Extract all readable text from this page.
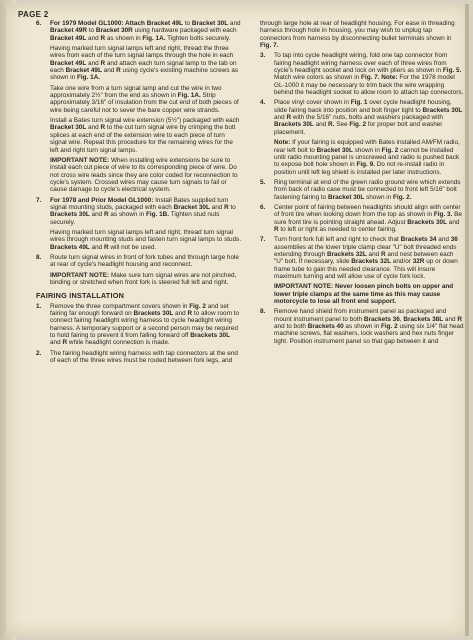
PAGE 2
6. For 1979 Model GL1000: Attach Bracket 49L to Bracket 30L and Bracket 49R to Bracket 30R using hardware packaged with each Bracket 49L and R as shown in Fig. 1A. Tighten bolts securely.

Having marked turn signal lamps left and right, thread the three wires from each of the turn signal lamps through the hole in each Bracket 49L and R and attach each turn signal lamp to the tab on each Bracket 49L and R using cycle's existing machine screws as shown in Fig. 1A.

Take one wire from a turn signal lamp and cut the wire in two approximately 2½" from the end as shown in Fig. 1A. Strip approximately 3/16" of insulation from the cut end of both pieces of wire being careful not to sever the bare copper wire strands.

Install a Bates turn signal wire extension (5½") packaged with each Bracket 30L and R to the cut turn signal wire by crimping the butt splices at each end of the extension wire to each piece of turn signal wire. Repeat this procedure for the remaining wires for the left and right turn signal lamps.

IMPORTANT NOTE: When installing wire extensions be sure to install each cut piece of wire to its corresponding piece of wire. Do not cross wire leads since they are color coded for reconnection to cycle's system. Crossed wires may cause turn signals to fail or cause damage to cycle's electrical system.

7. For 1978 and Prior Model GL1000: Install Bates supplied turn signal mounting studs, packaged with each Bracket 30L and R to Brackets 30L and R as shown in Fig. 1B. Tighten stud nuts securely.

Having marked turn signal lamps left and right, thread turn signal wires through mounting studs and fasten turn signal lamps to studs. Brackets 49L and R will not be used.

8. Route turn signal wires in front of fork tubes and through large hole at rear of cycle's headlight housing and reconnect.

IMPORTANT NOTE: Make sure turn signal wires are not pinched, binding or stretched when front fork is steered full left and right.

FAIRING INSTALLATION
1. Remove the three compartment covers shown in Fig. 2 and set fairing far enough forward on Brackets 30L and R to allow room to connect fairing headlight wiring harness to cycle headlight wiring harness. A temporary support or a second person may be required to hold fairing to prevent it from falling forward off Brackets 30L and R while headlight connection is made.

2. The fairing headlight wiring harness with tap connectors at the end of each of the three wires must be routed between fork legs, and

through large hole at rear of headlight housing. For ease in threading harness through hole in housing, you may wish to unplug tap connectors from harness by disconnecting bullet terminals shown in Fig. 7.

3. To tap into cycle headlight wiring, fold one tap connector from fairing headlight wiring harness over each of three wires from cycle's headlight socket and lock on with pliers as shown in Fig. 5. Match wire colors as shown in Fig. 7. Note: For the 1978 model GL-1000 it may be necessary to trim back the wire wrapping behind the headlight socket to allow room to attach tap connectors.

4. Place vinyl cover shown in Fig. 1 over cycle headlight housing, slide fairing back into position and bolt finger tight to Brackets 30L and R with the 5/16" nuts, bolts and washers packaged with Brackets 30L and R. See Fig. 2 for proper bolt and washer placement.

Note: If your fairing is equipped with Bates installed AM/FM radio, rear left bolt to Bracket 30L shown in Fig. 2 cannot be installed until radio mounting panel is unscrewed and radio is pushed back to expose bolt hole shown in Fig. 9. Do not re-install radio in position until left leg shield is installed per later instructions.

5. Ring terminal at end of the green radio ground wire which extends from back of radio case must be connected to front left 5/16" bolt fastening fairing to Bracket 30L shown in Fig. 2.

6. Center point of fairing between headlights should align with center of front tire when looking down from the top as shown in Fig. 3. Be sure front tire is pointing straight ahead. Adjust Brackets 30L and R to left or right as needed to center fairing.

7. Turn front fork full left and right to check that Brackets 34 and 36 assemblies at the lower triple clamp clear "U" bolt threaded ends extending through Brackets 32L and R and nest between each "U" bolt. If necessary, slide Brackets 32L and/or 32R up or down frame tube to gain this needed clearance. This will insure maximum turning and will allow use of cycle fork lock.

IMPORTANT NOTE: Never loosen pinch bolts on upper and lower triple clamps at the same time as this may cause motorcycle to lose all front end support.

8. Remove hand shield from instrument panel as packaged and mount instrument panel to both Brackets 36, Brackets 38L and R and to both Brackets 40 as shown in Fig. 2 using six 1/4" flat head machine screws, flat washers, lock washers and hex nuts finger tight. Position instrument panel so that gap between it and
